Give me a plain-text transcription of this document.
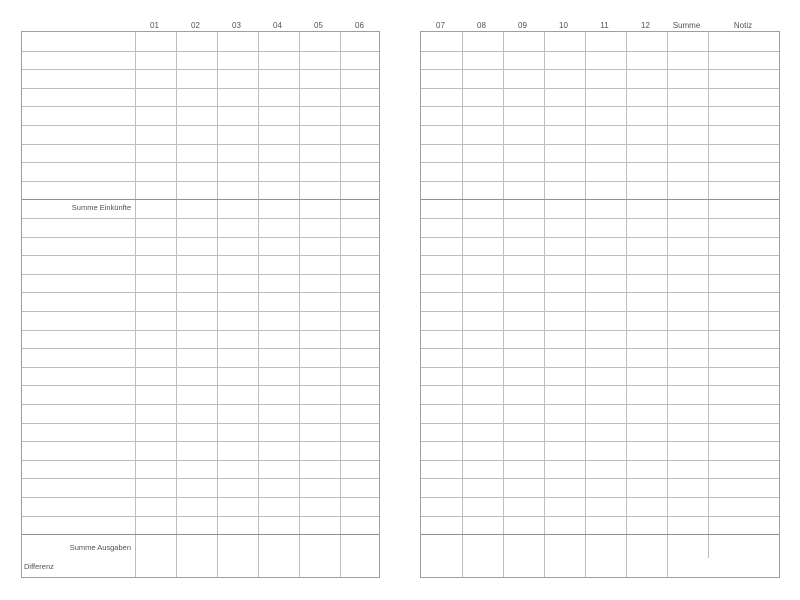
01	02	03	04	05	06	07	08	09	10	11	12	Summe	Notiz
Summe Einkünfte
Summe Ausgaben
Differenz
